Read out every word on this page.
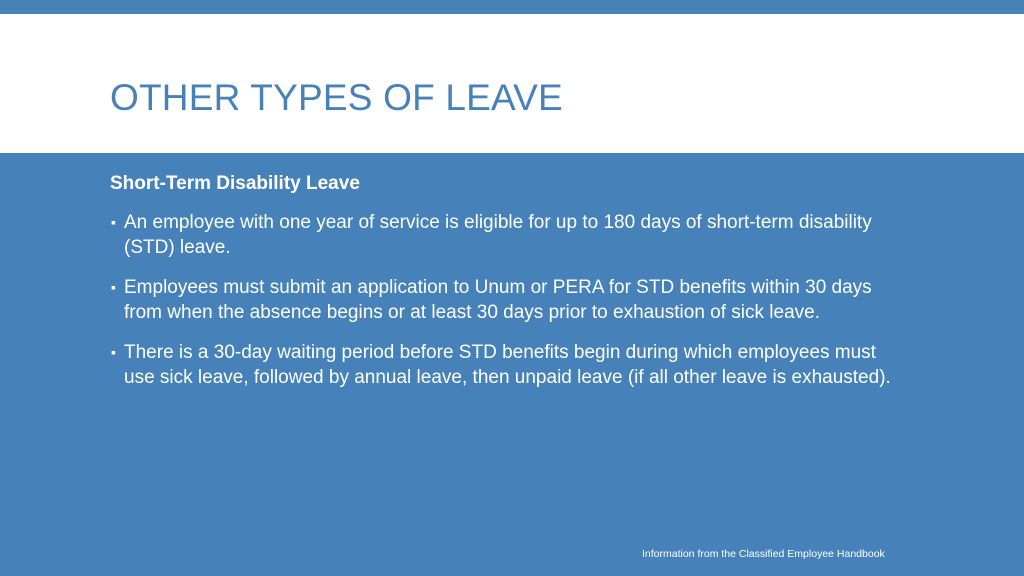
OTHER TYPES OF LEAVE
Short-Term Disability Leave
▪ An employee with one year of service is eligible for up to 180 days of short-term disability (STD) leave.
▪ Employees must submit an application to Unum or PERA for STD benefits within 30 days from when the absence begins or at least 30 days prior to exhaustion of sick leave.
▪ There is a 30-day waiting period before STD benefits begin during which employees must use sick leave, followed by annual leave, then unpaid leave (if all other leave is exhausted).
Information from the Classified Employee Handbook
